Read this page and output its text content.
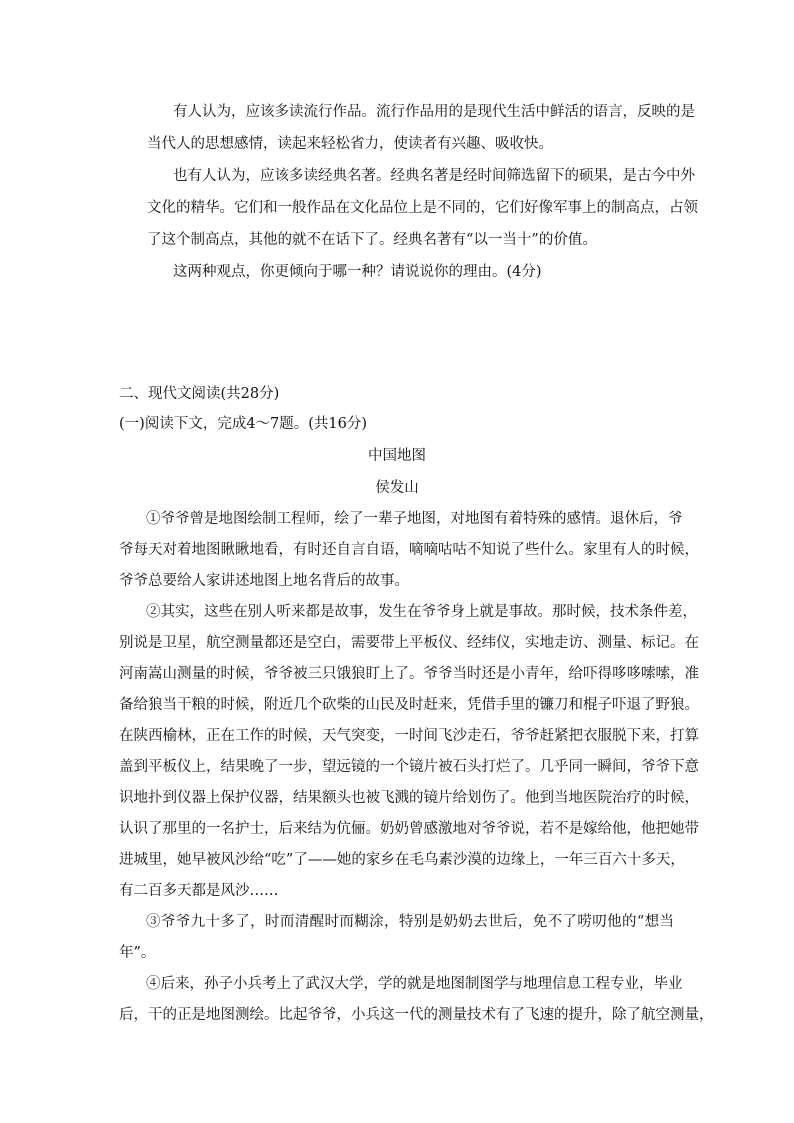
有人认为，应该多读流行作品。流行作品用的是现代生活中鲜活的语言，反映的是
当代人的思想感情，读起来轻松省力，使读者有兴趣、吸收快。
也有人认为，应该多读经典名著。经典名著是经时间筛选留下的硕果，是古今中外
文化的精华。它们和一般作品在文化品位上是不同的，它们好像军事上的制高点，占领
了这个制高点，其他的就不在话下了。经典名著有“以一当十”的价值。
这两种观点，你更倾向于哪一种？请说说你的理由。(4分)
二、现代文阅读(共28分)
(一)阅读下文，完成4～7题。(共16分)
中国地图
侯发山
①爷爷曾是地图绘制工程师，绘了一辈子地图，对地图有着特殊的感情。退休后，爷
爷每天对着地图瞅瞅地看，有时还自言自语，嘀嘀咕咕不知说了些什么。家里有人的时候，
爷爷总要给人家讲述地图上地名背后的故事。
②其实，这些在别人听来都是故事，发生在爷爷身上就是事故。那时候，技术条件差，
别说是卫星，航空测量都还是空白，需要带上平板仪、经纬仪，实地走访、测量、标记。在
河南嵩山测量的时候，爷爷被三只饿狼盯上了。爷爷当时还是小青年，给吓得哆哆嗦嗦，准
备给狼当干粮的时候，附近几个砍柴的山民及时赶来，凭借手里的镰刀和棍子吓退了野狼。
在陕西榆林，正在工作的时候，天气突变，一时间飞沙走石，爷爷赶紧把衣服脱下来，打算
盖到平板仪上，结果晚了一步，望远镜的一个镜片被石头打烂了。几乎同一瞬间，爷爷下意
识地扑到仪器上保护仪器，结果额头也被飞溅的镜片给划伤了。他到当地医院治疗的时候，
认识了那里的一名护士，后来结为伉俪。奶奶曾感激地对爷爷说，若不是嫁给他，他把她带
进城里，她早被风沙给“吃”了——她的家乡在毛乌素沙漠的边缘上，一年三百六十多天，
有二百多天都是风沙……
③爷爷九十多了，时而清醒时而糊涂，特别是奶奶去世后，免不了唠叨他的“想当
年”。
④后来，孙子小兵考上了武汉大学，学的就是地图制图学与地理信息工程专业，毕业
后，干的正是地图测绘。比起爷爷，小兵这一代的测量技术有了飞速的提升，除了航空测量，
